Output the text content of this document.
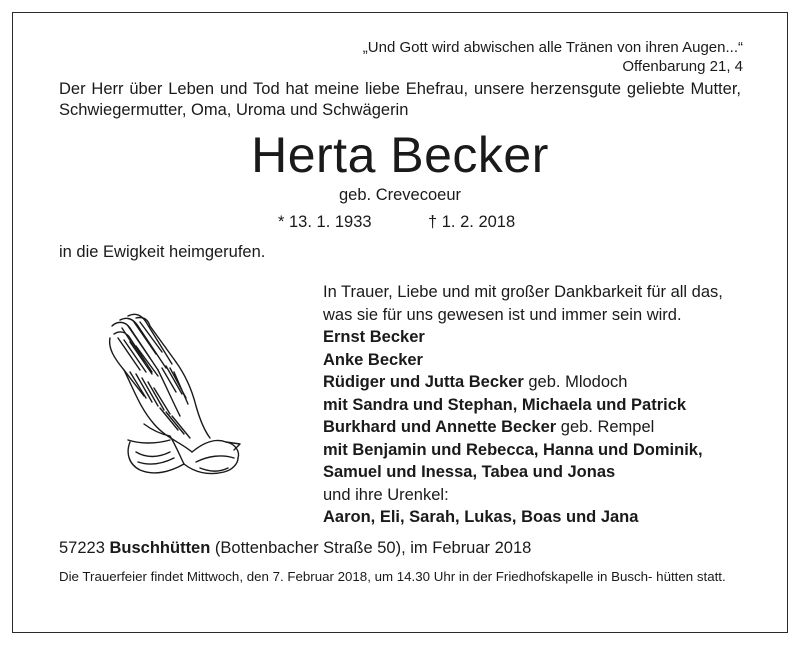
„Und Gott wird abwischen alle Tränen von ihren Augen...“
Offenbarung 21, 4
Der Herr über Leben und Tod hat meine liebe Ehefrau, unsere herzensgute geliebte Mutter, Schwiegermutter, Oma, Uroma und Schwägerin
Herta Becker
geb. Crevecoeur
* 13. 1. 1933	† 1. 2. 2018
in die Ewigkeit heimgerufen.
In Trauer, Liebe und mit großer Dankbarkeit für all das,
was sie für uns gewesen ist und immer sein wird.
Ernst Becker
Anke Becker
Rüdiger und Jutta Becker geb. Mlodoch
mit Sandra und Stephan, Michaela und Patrick
Burkhard und Annette Becker geb. Rempel
mit Benjamin und Rebecca, Hanna und Dominik,
Samuel und Inessa, Tabea und Jonas
und ihre Urenkel:
Aaron, Eli, Sarah, Lukas, Boas und Jana
57223 Buschhütten (Bottenbacher Straße 50), im Februar 2018
Die Trauerfeier findet Mittwoch, den 7. Februar 2018, um 14.30 Uhr in der Friedhofskapelle in Busch- hütten statt.
